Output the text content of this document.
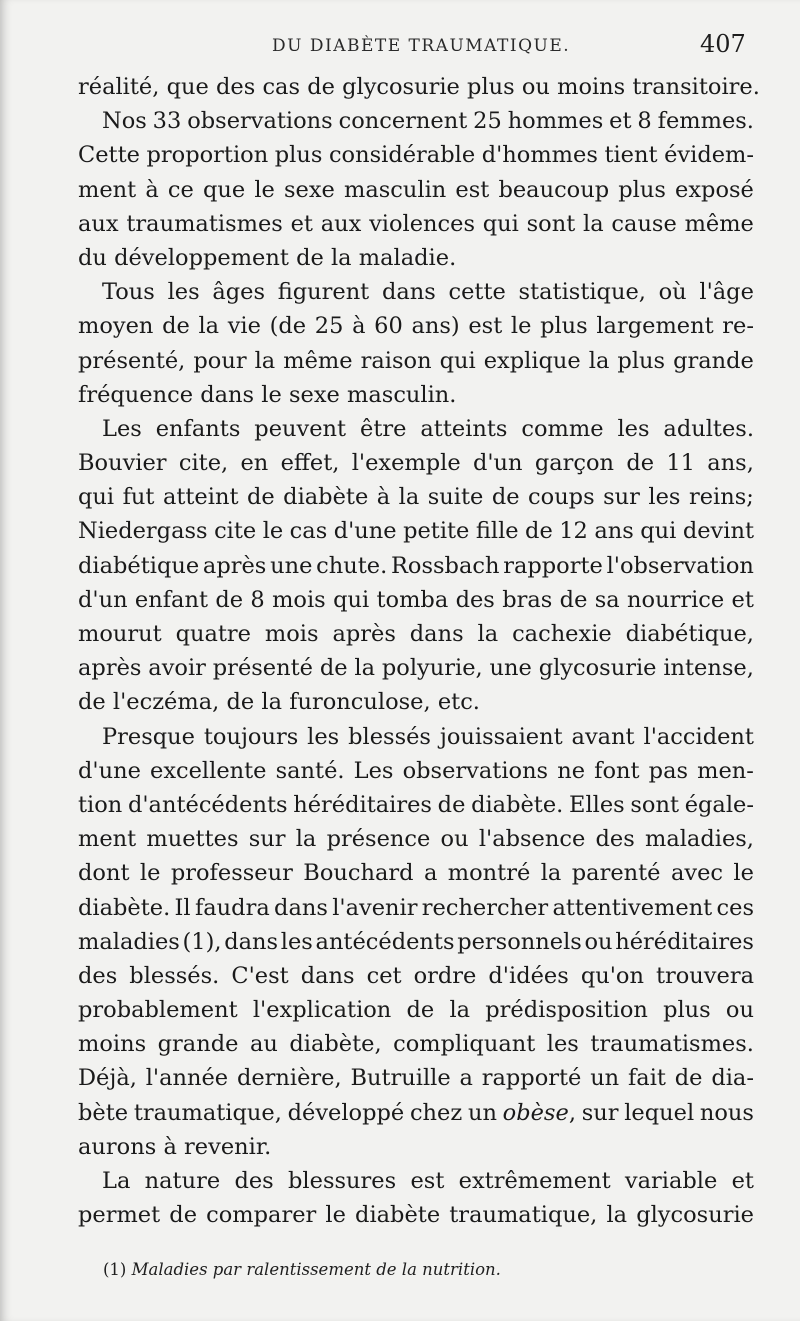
DU DIABÈTE TRAUMATIQUE.	407
réalité, que des cas de glycosurie plus ou moins transitoire.
Nos 33 observations concernent 25 hommes et 8 femmes.
Cette proportion plus considérable d'hommes tient évidem-
ment à ce que le sexe masculin est beaucoup plus exposé
aux traumatismes et aux violences qui sont la cause même
du développement de la maladie.
Tous les âges figurent dans cette statistique, où l'âge
moyen de la vie (de 25 à 60 ans) est le plus largement re-
présenté, pour la même raison qui explique la plus grande
fréquence dans le sexe masculin.
Les enfants peuvent être atteints comme les adultes.
Bouvier cite, en effet, l'exemple d'un garçon de 11 ans,
qui fut atteint de diabète à la suite de coups sur les reins;
Niedergass cite le cas d'une petite fille de 12 ans qui devint
diabétique après une chute. Rossbach rapporte l'observation
d'un enfant de 8 mois qui tomba des bras de sa nourrice et
mourut quatre mois après dans la cachexie diabétique,
après avoir présenté de la polyurie, une glycosurie intense,
de l'eczéma, de la furonculose, etc.
Presque toujours les blessés jouissaient avant l'accident
d'une excellente santé. Les observations ne font pas men-
tion d'antécédents héréditaires de diabète. Elles sont égale-
ment muettes sur la présence ou l'absence des maladies,
dont le professeur Bouchard a montré la parenté avec le
diabète. Il faudra dans l'avenir rechercher attentivement ces
maladies (1), dans les antécédents personnels ou héréditaires
des blessés. C'est dans cet ordre d'idées qu'on trouvera
probablement l'explication de la prédisposition plus ou
moins grande au diabète, compliquant les traumatismes.
Déjà, l'année dernière, Butruille a rapporté un fait de dia-
bète traumatique, développé chez un obèse, sur lequel nous
aurons à revenir.
La nature des blessures est extrêmement variable et
permet de comparer le diabète traumatique, la glycosurie
(1) Maladies par ralentissement de la nutrition.
